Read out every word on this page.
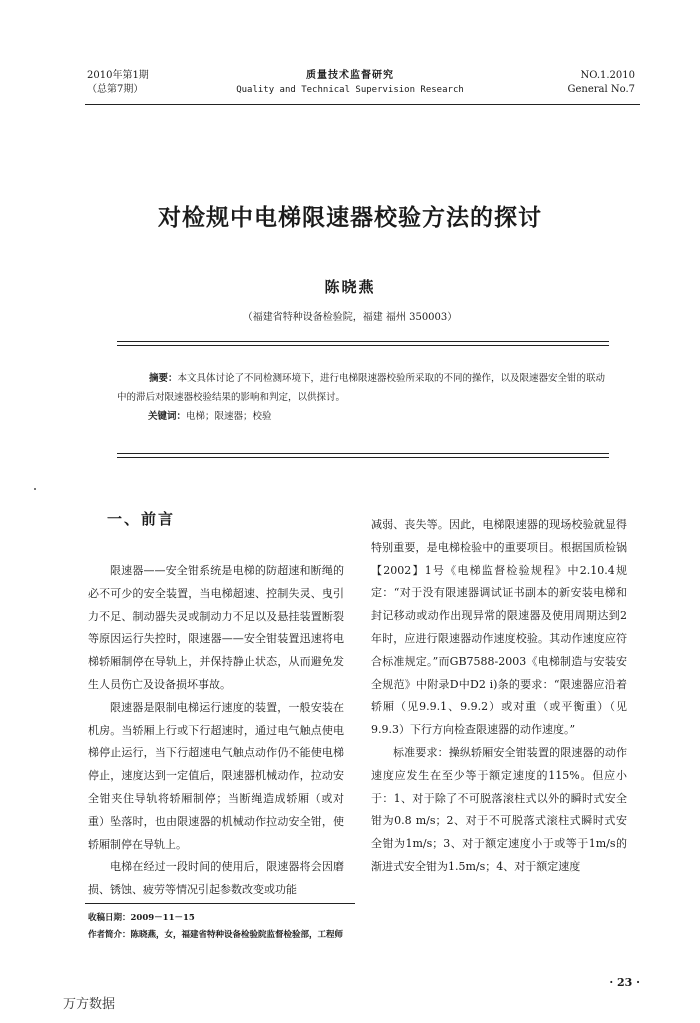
2010年第1期
（总第7期）
质量技术监督研究
Quality and Technical Supervision Research
NO.1.2010
General No.7
对检规中电梯限速器校验方法的探讨
陈晓燕
（福建省特种设备检验院，福建 福州 350003）
摘要：本文具体讨论了不同检测环境下，进行电梯限速器校验所采取的不同的操作，以及限速器安全钳的联动中的滞后对限速器校验结果的影响和判定，以供探讨。
关键词：电梯；限速器；校验
一、前言

限速器——安全钳系统是电梯的防超速和断绳的必不可少的安全装置，当电梯超速、控制失灵、曳引力不足、制动器失灵或制动力不足以及悬挂装置断裂等原因运行失控时，限速器——安全钳装置迅速将电梯轿厢制停在导轨上，并保持静止状态，从而避免发生人员伤亡及设备损坏事故。

限速器是限制电梯运行速度的装置，一般安装在机房。当轿厢上行或下行超速时，通过电气触点使电梯停止运行，当下行超速电气触点动作仍不能使电梯停止，速度达到一定值后，限速器机械动作，拉动安全钳夹住导轨将轿厢制停；当断绳造成轿厢（或对重）坠落时，也由限速器的机械动作拉动安全钳，使轿厢制停在导轨上。

电梯在经过一段时间的使用后，限速器将会因磨损、锈蚀、疲劳等情况引起参数改变或功能

减弱、丧失等。因此，电梯限速器的现场校验就显得特别重要，是电梯检验中的重要项目。根据国质检锅【2002】1号《电梯监督检验规程》中2.10.4规定：“对于没有限速器调试证书副本的新安装电梯和封记移动或动作出现异常的限速器及使用周期达到2年时，应进行限速器动作速度校验。其动作速度应符合标准规定。”而GB7588-2003《电梯制造与安装安全规范》中附录D中D2 i)条的要求：“限速器应沿着轿厢（见9.9.1、9.9.2）或对重（或平衡重）（见9.9.3）下行方向检查限速器的动作速度。”

标准要求：操纵轿厢安全钳装置的限速器的动作速度应发生在至少等于额定速度的115%。但应小于：1、对于除了不可脱落滚柱式以外的瞬时式安全钳为0.8 m/s；2、对于不可脱落式滚柱式瞬时式安全钳为1m/s；3、对于额定速度小于或等于1m/s的渐进式安全钳为1.5m/s；4、对于额定速度

收稿日期：2009－11－15
作者简介：陈晓燕，女，福建省特种设备检验院监督检验部，工程师
· 23 ·
万方数据
